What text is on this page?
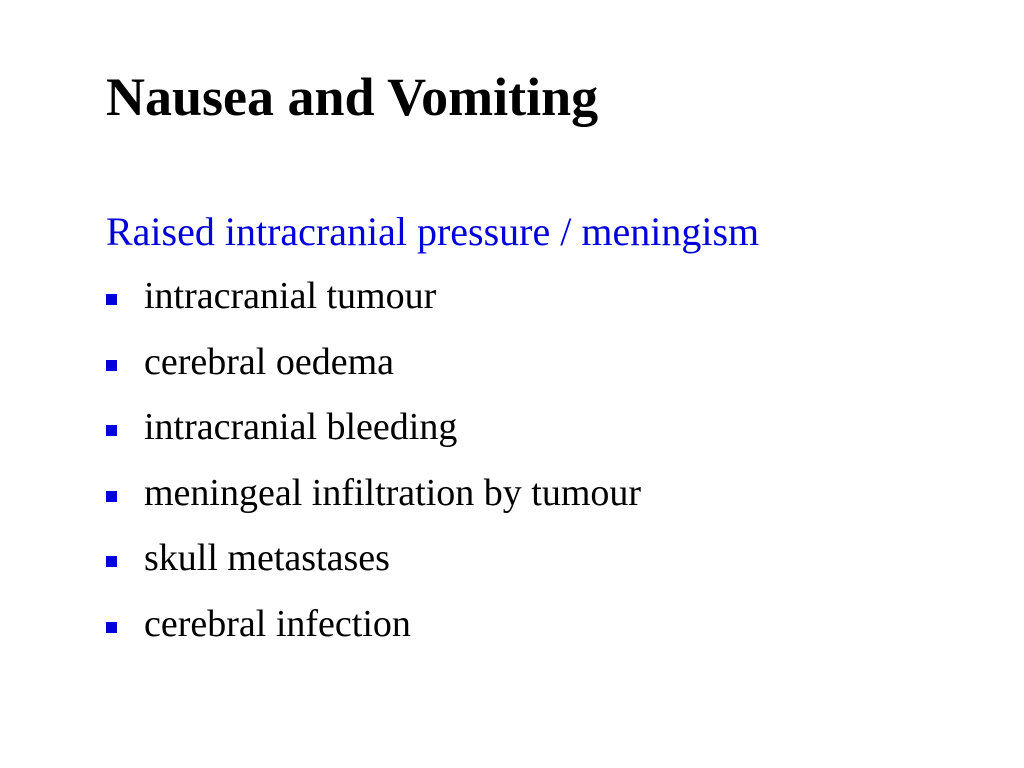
Nausea and Vomiting

Raised intracranial pressure / meningism

intracranial tumour
cerebral oedema
intracranial bleeding
meningeal infiltration by tumour
skull metastases
cerebral infection
